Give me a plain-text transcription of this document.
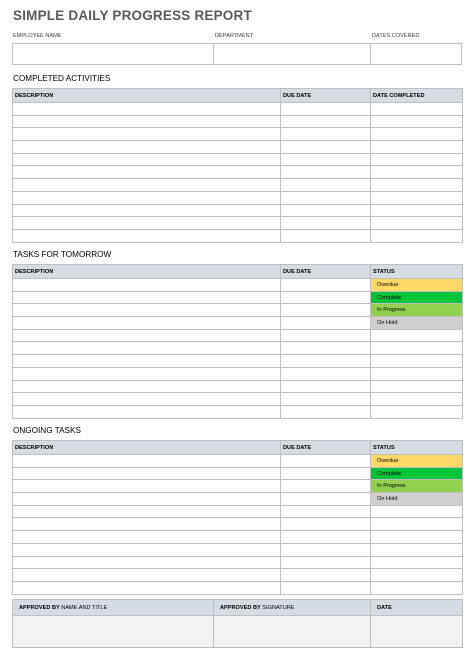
SIMPLE DAILY PROGRESS REPORT
EMPLOYEE NAME	DEPARTMENT	DATES COVERED
COMPLETED ACTIVITIES
DESCRIPTION	DUE DATE	DATE COMPLETED

TASKS FOR TOMORROW
DESCRIPTION	DUE DATE	STATUS
		Overdue
		Complete
		In Progress
		On Hold

ONGOING TASKS
DESCRIPTION	DUE DATE	STATUS
		Overdue
		Complete
		In Progress
		On Hold

APPROVED BY NAME AND TITLE	APPROVED BY SIGNATURE	DATE
